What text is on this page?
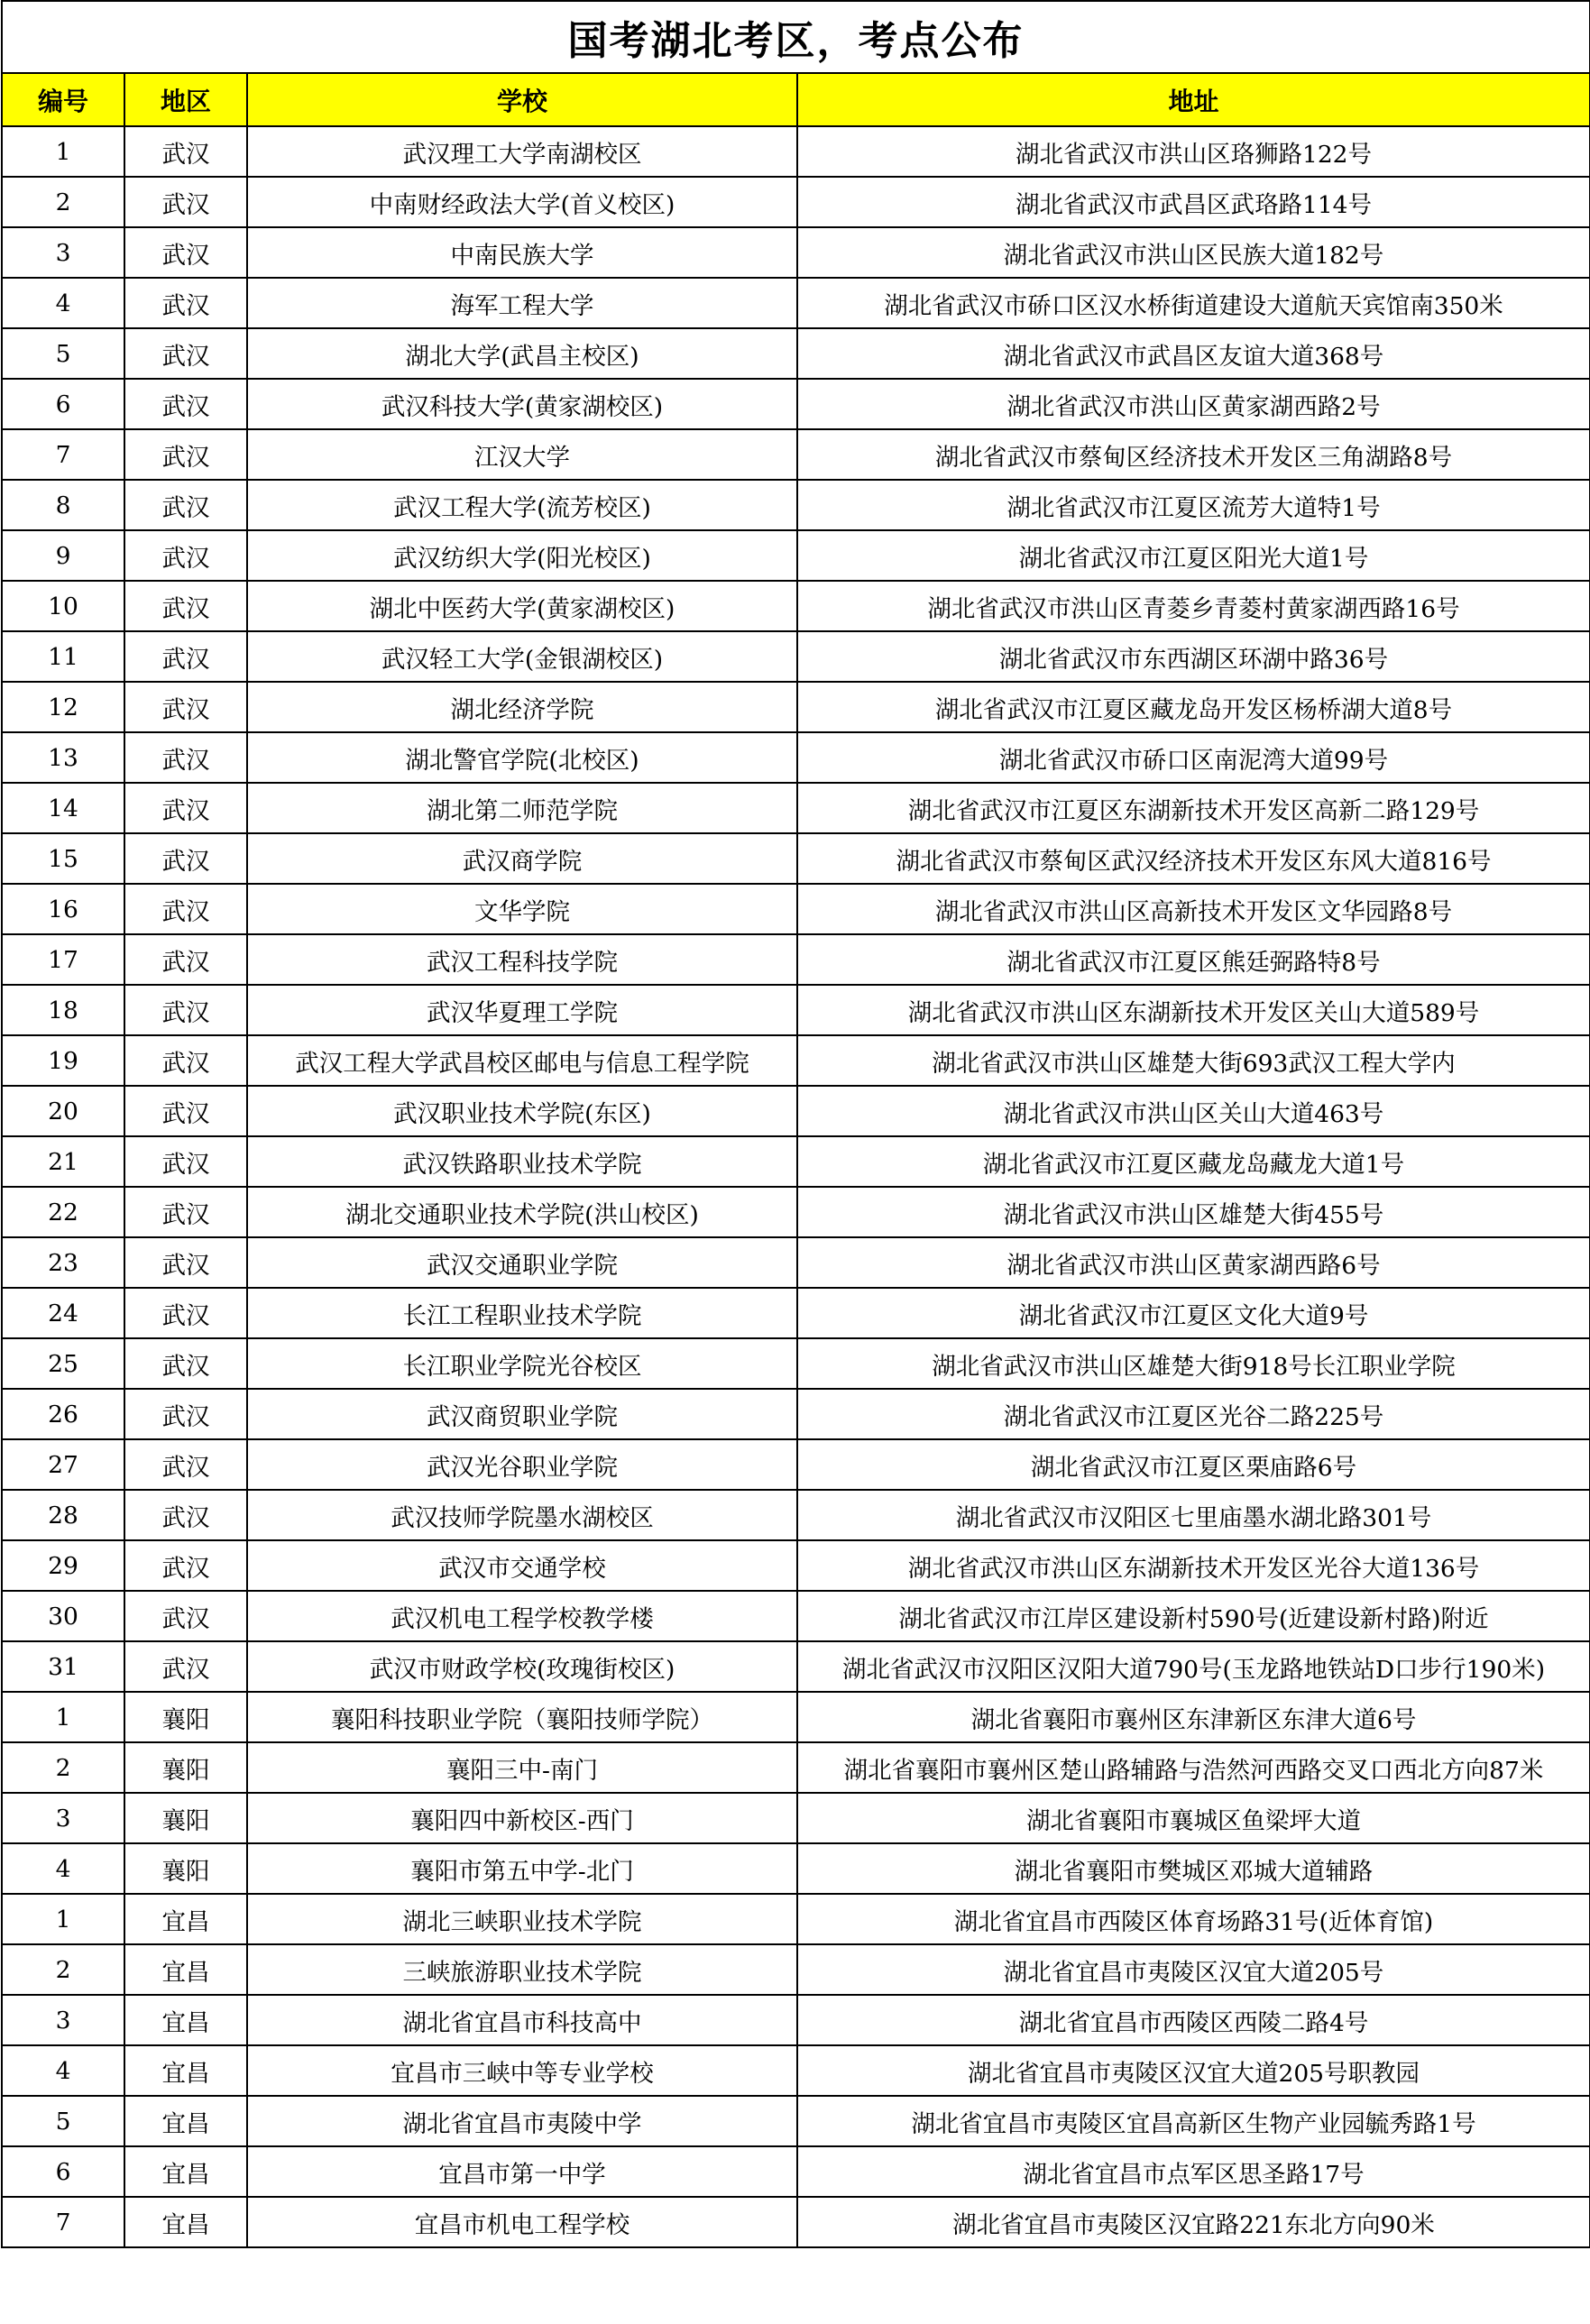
国考湖北考区，考点公布			
编号	地区	学校	地址
1	武汉	武汉理工大学南湖校区	湖北省武汉市洪山区珞狮路122号
2	武汉	中南财经政法大学(首义校区)	湖北省武汉市武昌区武珞路114号
3	武汉	中南民族大学	湖北省武汉市洪山区民族大道182号
4	武汉	海军工程大学	湖北省武汉市硚口区汉水桥街道建设大道航天宾馆南350米
5	武汉	湖北大学(武昌主校区)	湖北省武汉市武昌区友谊大道368号
6	武汉	武汉科技大学(黄家湖校区)	湖北省武汉市洪山区黄家湖西路2号
7	武汉	江汉大学	湖北省武汉市蔡甸区经济技术开发区三角湖路8号
8	武汉	武汉工程大学(流芳校区)	湖北省武汉市江夏区流芳大道特1号
9	武汉	武汉纺织大学(阳光校区)	湖北省武汉市江夏区阳光大道1号
10	武汉	湖北中医药大学(黄家湖校区)	湖北省武汉市洪山区青菱乡青菱村黄家湖西路16号
11	武汉	武汉轻工大学(金银湖校区)	湖北省武汉市东西湖区环湖中路36号
12	武汉	湖北经济学院	湖北省武汉市江夏区藏龙岛开发区杨桥湖大道8号
13	武汉	湖北警官学院(北校区)	湖北省武汉市硚口区南泥湾大道99号
14	武汉	湖北第二师范学院	湖北省武汉市江夏区东湖新技术开发区高新二路129号
15	武汉	武汉商学院	湖北省武汉市蔡甸区武汉经济技术开发区东风大道816号
16	武汉	文华学院	湖北省武汉市洪山区高新技术开发区文华园路8号
17	武汉	武汉工程科技学院	湖北省武汉市江夏区熊廷弼路特8号
18	武汉	武汉华夏理工学院	湖北省武汉市洪山区东湖新技术开发区关山大道589号
19	武汉	武汉工程大学武昌校区邮电与信息工程学院	湖北省武汉市洪山区雄楚大街693武汉工程大学内
20	武汉	武汉职业技术学院(东区)	湖北省武汉市洪山区关山大道463号
21	武汉	武汉铁路职业技术学院	湖北省武汉市江夏区藏龙岛藏龙大道1号
22	武汉	湖北交通职业技术学院(洪山校区)	湖北省武汉市洪山区雄楚大街455号
23	武汉	武汉交通职业学院	湖北省武汉市洪山区黄家湖西路6号
24	武汉	长江工程职业技术学院	湖北省武汉市江夏区文化大道9号
25	武汉	长江职业学院光谷校区	湖北省武汉市洪山区雄楚大街918号长江职业学院
26	武汉	武汉商贸职业学院	湖北省武汉市江夏区光谷二路225号
27	武汉	武汉光谷职业学院	湖北省武汉市江夏区栗庙路6号
28	武汉	武汉技师学院墨水湖校区	湖北省武汉市汉阳区七里庙墨水湖北路301号
29	武汉	武汉市交通学校	湖北省武汉市洪山区东湖新技术开发区光谷大道136号
30	武汉	武汉机电工程学校教学楼	湖北省武汉市江岸区建设新村590号(近建设新村路)附近
31	武汉	武汉市财政学校(玫瑰街校区)	湖北省武汉市汉阳区汉阳大道790号(玉龙路地铁站D口步行190米)
1	襄阳	襄阳科技职业学院（襄阳技师学院）	湖北省襄阳市襄州区东津新区东津大道6号
2	襄阳	襄阳三中-南门	湖北省襄阳市襄州区楚山路辅路与浩然河西路交叉口西北方向87米
3	襄阳	襄阳四中新校区-西门	湖北省襄阳市襄城区鱼梁坪大道
4	襄阳	襄阳市第五中学-北门	湖北省襄阳市樊城区邓城大道辅路
1	宜昌	湖北三峡职业技术学院	湖北省宜昌市西陵区体育场路31号(近体育馆)
2	宜昌	三峡旅游职业技术学院	湖北省宜昌市夷陵区汉宜大道205号
3	宜昌	湖北省宜昌市科技高中	湖北省宜昌市西陵区西陵二路4号
4	宜昌	宜昌市三峡中等专业学校	湖北省宜昌市夷陵区汉宜大道205号职教园
5	宜昌	湖北省宜昌市夷陵中学	湖北省宜昌市夷陵区宜昌高新区生物产业园毓秀路1号
6	宜昌	宜昌市第一中学	湖北省宜昌市点军区思圣路17号
7	宜昌	宜昌市机电工程学校	湖北省宜昌市夷陵区汉宜路221东北方向90米
